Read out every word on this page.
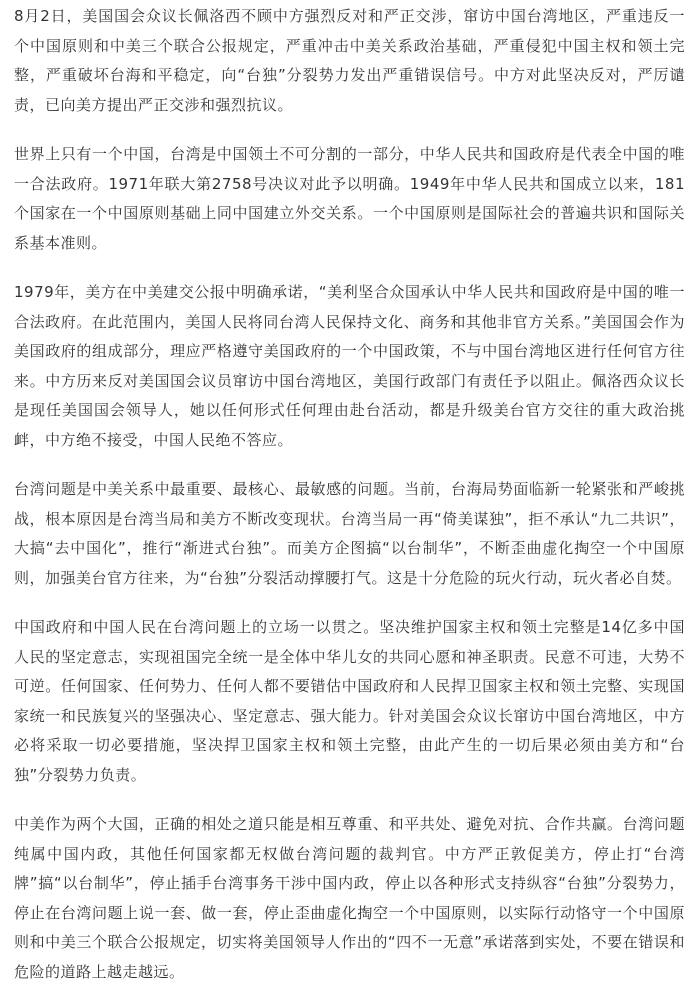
8月2日，美国国会众议长佩洛西不顾中方强烈反对和严正交涉，窜访中国台湾地区，严重违反一个中国原则和中美三个联合公报规定，严重冲击中美关系政治基础，严重侵犯中国主权和领土完整，严重破坏台海和平稳定，向“台独”分裂势力发出严重错误信号。中方对此坚决反对，严厉谴责，已向美方提出严正交涉和强烈抗议。

世界上只有一个中国，台湾是中国领土不可分割的一部分，中华人民共和国政府是代表全中国的唯一合法政府。1971年联大第2758号决议对此予以明确。1949年中华人民共和国成立以来，181个国家在一个中国原则基础上同中国建立外交关系。一个中国原则是国际社会的普遍共识和国际关系基本准则。

1979年，美方在中美建交公报中明确承诺，“美利坚合众国承认中华人民共和国政府是中国的唯一合法政府。在此范围内，美国人民将同台湾人民保持文化、商务和其他非官方关系。”美国国会作为美国政府的组成部分，理应严格遵守美国政府的一个中国政策，不与中国台湾地区进行任何官方往来。中方历来反对美国国会议员窜访中国台湾地区，美国行政部门有责任予以阻止。佩洛西众议长是现任美国国会领导人，她以任何形式任何理由赴台活动，都是升级美台官方交往的重大政治挑衅，中方绝不接受，中国人民绝不答应。

台湾问题是中美关系中最重要、最核心、最敏感的问题。当前，台海局势面临新一轮紧张和严峻挑战，根本原因是台湾当局和美方不断改变现状。台湾当局一再“倚美谋独”，拒不承认“九二共识”，大搞“去中国化”，推行“渐进式台独”。而美方企图搞“以台制华”，不断歪曲虚化掏空一个中国原则，加强美台官方往来，为“台独”分裂活动撑腰打气。这是十分危险的玩火行动，玩火者必自焚。

中国政府和中国人民在台湾问题上的立场一以贯之。坚决维护国家主权和领土完整是14亿多中国人民的坚定意志，实现祖国完全统一是全体中华儿女的共同心愿和神圣职责。民意不可违，大势不可逆。任何国家、任何势力、任何人都不要错估中国政府和人民捍卫国家主权和领土完整、实现国家统一和民族复兴的坚强决心、坚定意志、强大能力。针对美国会众议长窜访中国台湾地区，中方必将采取一切必要措施，坚决捍卫国家主权和领土完整，由此产生的一切后果必须由美方和“台独”分裂势力负责。

中美作为两个大国，正确的相处之道只能是相互尊重、和平共处、避免对抗、合作共赢。台湾问题纯属中国内政，其他任何国家都无权做台湾问题的裁判官。中方严正敦促美方，停止打“台湾牌”搞“以台制华”，停止插手台湾事务干涉中国内政，停止以各种形式支持纵容“台独”分裂势力，停止在台湾问题上说一套、做一套，停止歪曲虚化掏空一个中国原则，以实际行动恪守一个中国原则和中美三个联合公报规定，切实将美国领导人作出的“四不一无意”承诺落到实处，不要在错误和危险的道路上越走越远。
